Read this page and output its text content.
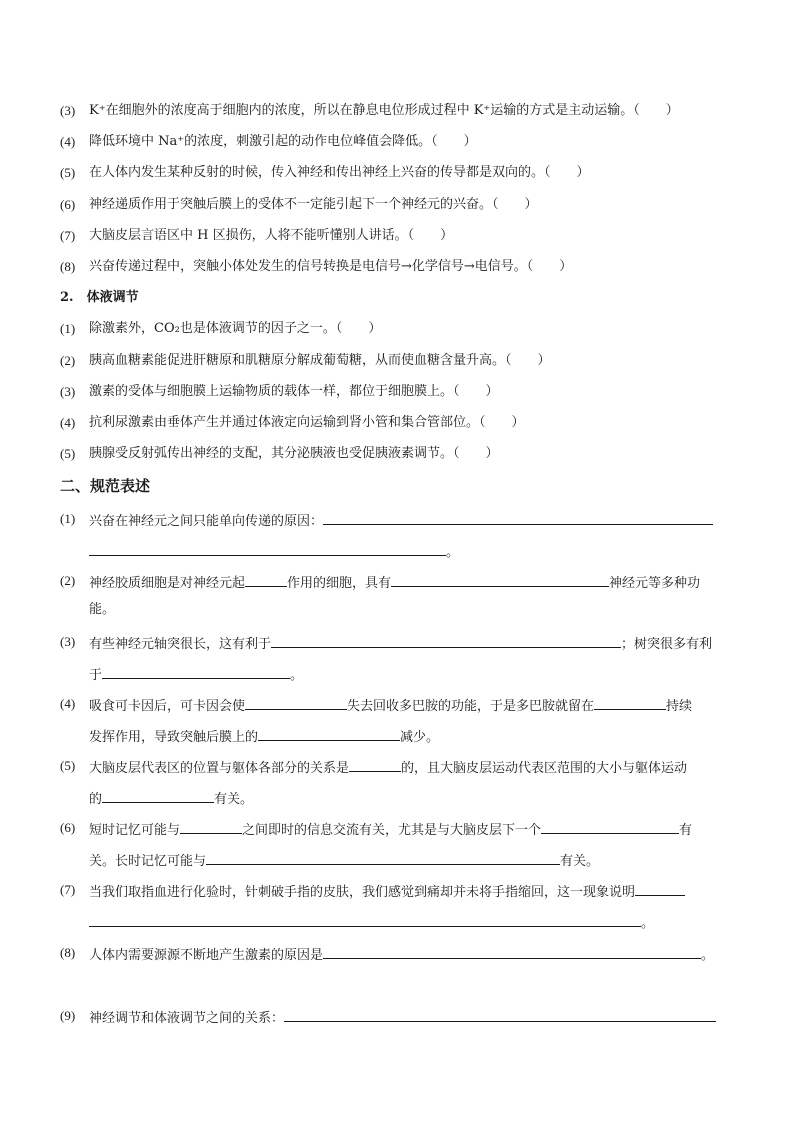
(3)	K⁺在细胞外的浓度高于细胞内的浓度，所以在静息电位形成过程中 K⁺运输的方式是主动运输。（　　）
(4)	降低环境中 Na⁺的浓度，刺激引起的动作电位峰值会降低。（　　）
(5)	在人体内发生某种反射的时候，传入神经和传出神经上兴奋的传导都是双向的。（　　）
(6)	神经递质作用于突触后膜上的受体不一定能引起下一个神经元的兴奋。（　　）
(7)	大脑皮层言语区中 H 区损伤，人将不能听懂别人讲话。（　　）
(8)	兴奋传递过程中，突触小体处发生的信号转换是电信号→化学信号→电信号。（　　）
2.　体液调节
(1)	除激素外，CO₂也是体液调节的因子之一。（　　）
(2)	胰高血糖素能促进肝糖原和肌糖原分解成葡萄糖，从而使血糖含量升高。（　　）
(3)	激素的受体与细胞膜上运输物质的载体一样，都位于细胞膜上。（　　）
(4)	抗利尿激素由垂体产生并通过体液定向运输到肾小管和集合管部位。（　　）
(5)	胰腺受反射弧传出神经的支配，其分泌胰液也受促胰液素调节。（　　）
二、规范表述
(1)	兴奋在神经元之间只能单向传递的原因：
。
(2)	神经胶质细胞是对神经元起	作用的细胞，具有	神经元等多种功
能。
(3)	有些神经元轴突很长，这有利于	；树突很多有利
于	。
(4)	吸食可卡因后，可卡因会使	失去回收多巴胺的功能，于是多巴胺就留在	持续
发挥作用，导致突触后膜上的	减少。
(5)	大脑皮层代表区的位置与躯体各部分的关系是	的，且大脑皮层运动代表区范围的大小与躯体运动
的	有关。
(6)	短时记忆可能与	之间即时的信息交流有关，尤其是与大脑皮层下一个	有
关。长时记忆可能与	有关。
(7)	当我们取指血进行化验时，针刺破手指的皮肤，我们感觉到痛却并未将手指缩回，这一现象说明
。
(8)	人体内需要源源不断地产生激素的原因是	。
(9)	神经调节和体液调节之间的关系：
